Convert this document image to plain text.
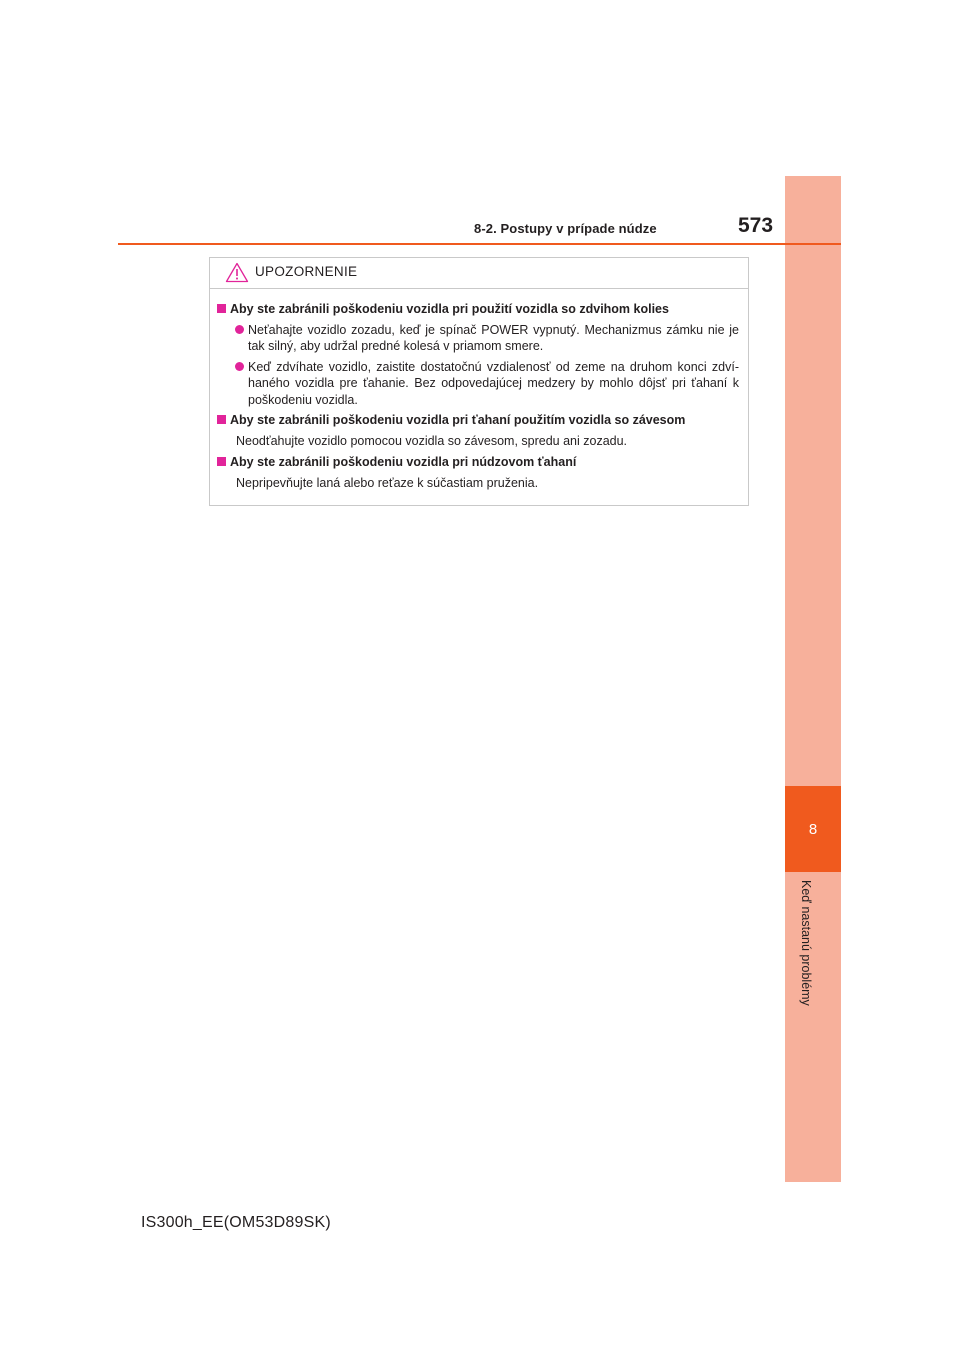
8
Keď nastanú problémy
8-2. Postupy v prípade núdze	573
UPOZORNENIE
Aby ste zabránili poškodeniu vozidla pri použití vozidla so zdvihom kolies
Neťahajte vozidlo zozadu, keď je spínač POWER vypnutý. Mechanizmus zámku nie je tak silný, aby udržal predné kolesá v priamom smere.
Keď zdvíhate vozidlo, zaistite dostatočnú vzdialenosť od zeme na druhom konci zdví-haného vozidla pre ťahanie. Bez odpovedajúcej medzery by mohlo dôjsť pri ťahaní k poškodeniu vozidla.
Aby ste zabránili poškodeniu vozidla pri ťahaní použitím vozidla so závesom
Neodťahujte vozidlo pomocou vozidla so závesom, spredu ani zozadu.
Aby ste zabránili poškodeniu vozidla pri núdzovom ťahaní
Nepripevňujte laná alebo reťaze k súčastiam pruženia.
IS300h_EE(OM53D89SK)
